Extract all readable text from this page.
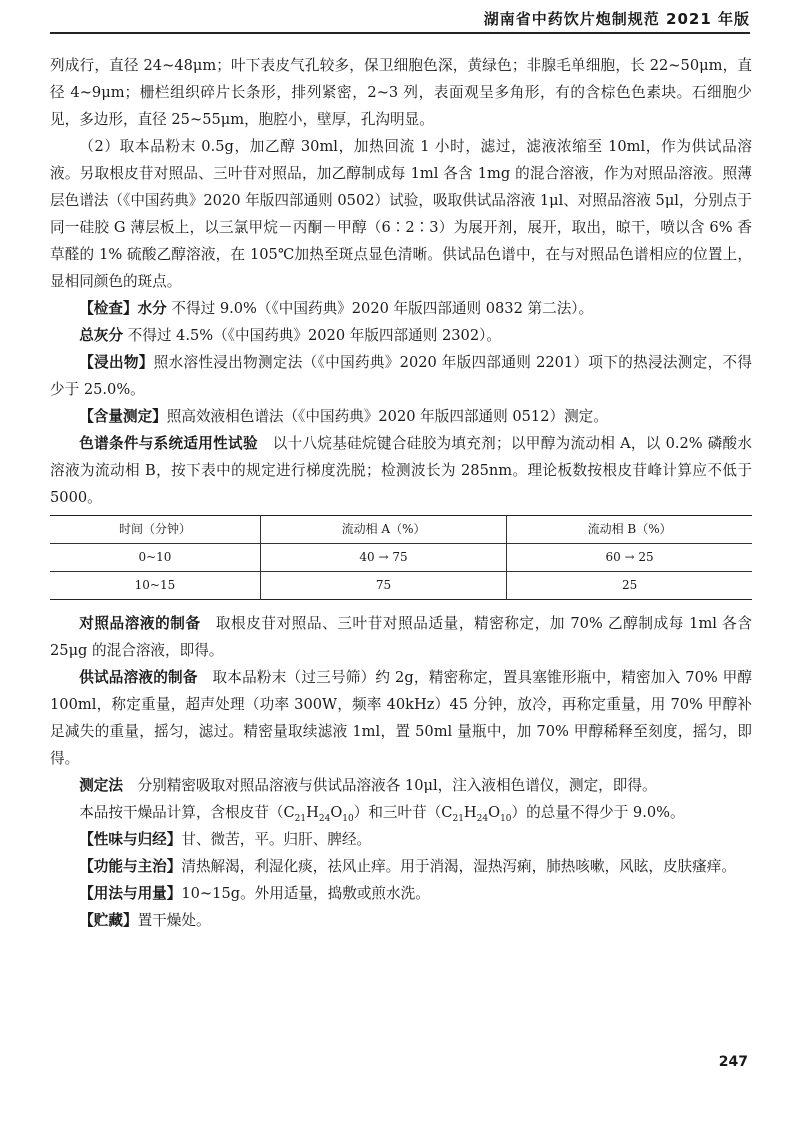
湖南省中药饮片炮制规范 2021 年版

列成行，直径 24~48μm；叶下表皮气孔较多，保卫细胞色深，黄绿色；非腺毛单细胞，长 22~50μm，直径 4~9μm；栅栏组织碎片长条形，排列紧密，2~3 列，表面观呈多角形，有的含棕色色素块。石细胞少见，多边形，直径 25~55μm，胞腔小，壁厚，孔沟明显。

（2）取本品粉末 0.5g，加乙醇 30ml，加热回流 1 小时，滤过，滤液浓缩至 10ml，作为供试品溶液。另取根皮苷对照品、三叶苷对照品，加乙醇制成每 1ml 各含 1mg 的混合溶液，作为对照品溶液。照薄层色谱法（《中国药典》2020 年版四部通则 0502）试验，吸取供试品溶液 1μl、对照品溶液 5μl，分别点于同一硅胶 G 薄层板上，以三氯甲烷－丙酮－甲醇（6∶2∶3）为展开剂，展开，取出，晾干，喷以含 6% 香草醛的 1% 硫酸乙醇溶液，在 105℃加热至斑点显色清晰。供试品色谱中，在与对照品色谱相应的位置上，显相同颜色的斑点。

【检查】水分 不得过 9.0%（《中国药典》2020 年版四部通则 0832 第二法）。

总灰分 不得过 4.5%（《中国药典》2020 年版四部通则 2302）。

【浸出物】照水溶性浸出物测定法（《中国药典》2020 年版四部通则 2201）项下的热浸法测定，不得少于 25.0%。

【含量测定】照高效液相色谱法（《中国药典》2020 年版四部通则 0512）测定。

色谱条件与系统适用性试验　 以十八烷基硅烷键合硅胶为填充剂；以甲醇为流动相 A，以 0.2% 磷酸水溶液为流动相 B，按下表中的规定进行梯度洗脱；检测波长为 285nm。理论板数按根皮苷峰计算应不低于 5000。

时间（分钟）	流动相 A（%）	流动相 B（%）
0~10	40 → 75	60 → 25
10~15	75	25

对照品溶液的制备　 取根皮苷对照品、三叶苷对照品适量，精密称定，加 70% 乙醇制成每 1ml 各含 25μg 的混合溶液，即得。

供试品溶液的制备　 取本品粉末（过三号筛）约 2g，精密称定，置具塞锥形瓶中，精密加入 70% 甲醇 100ml，称定重量，超声处理（功率 300W，频率 40kHz）45 分钟，放冷，再称定重量，用 70% 甲醇补足减失的重量，摇匀，滤过。精密量取续滤液 1ml，置 50ml 量瓶中，加 70% 甲醇稀释至刻度，摇匀，即得。

测定法　 分别精密吸取对照品溶液与供试品溶液各 10μl，注入液相色谱仪，测定，即得。

本品按干燥品计算，含根皮苷$(C_{21}H_{24}O_{10})$和三叶苷$(C_{21}H_{24}O_{10})$的总量不得少于 9.0%。

【性味与归经】甘、微苦，平。归肝、脾经。

【功能与主治】清热解渴，利湿化痰，祛风止痒。用于消渴，湿热泻痢，肺热咳嗽，风眩，皮肤瘙痒。

【用法与用量】10~15g。外用适量，捣敷或煎水洗。

【贮藏】置干燥处。

247
